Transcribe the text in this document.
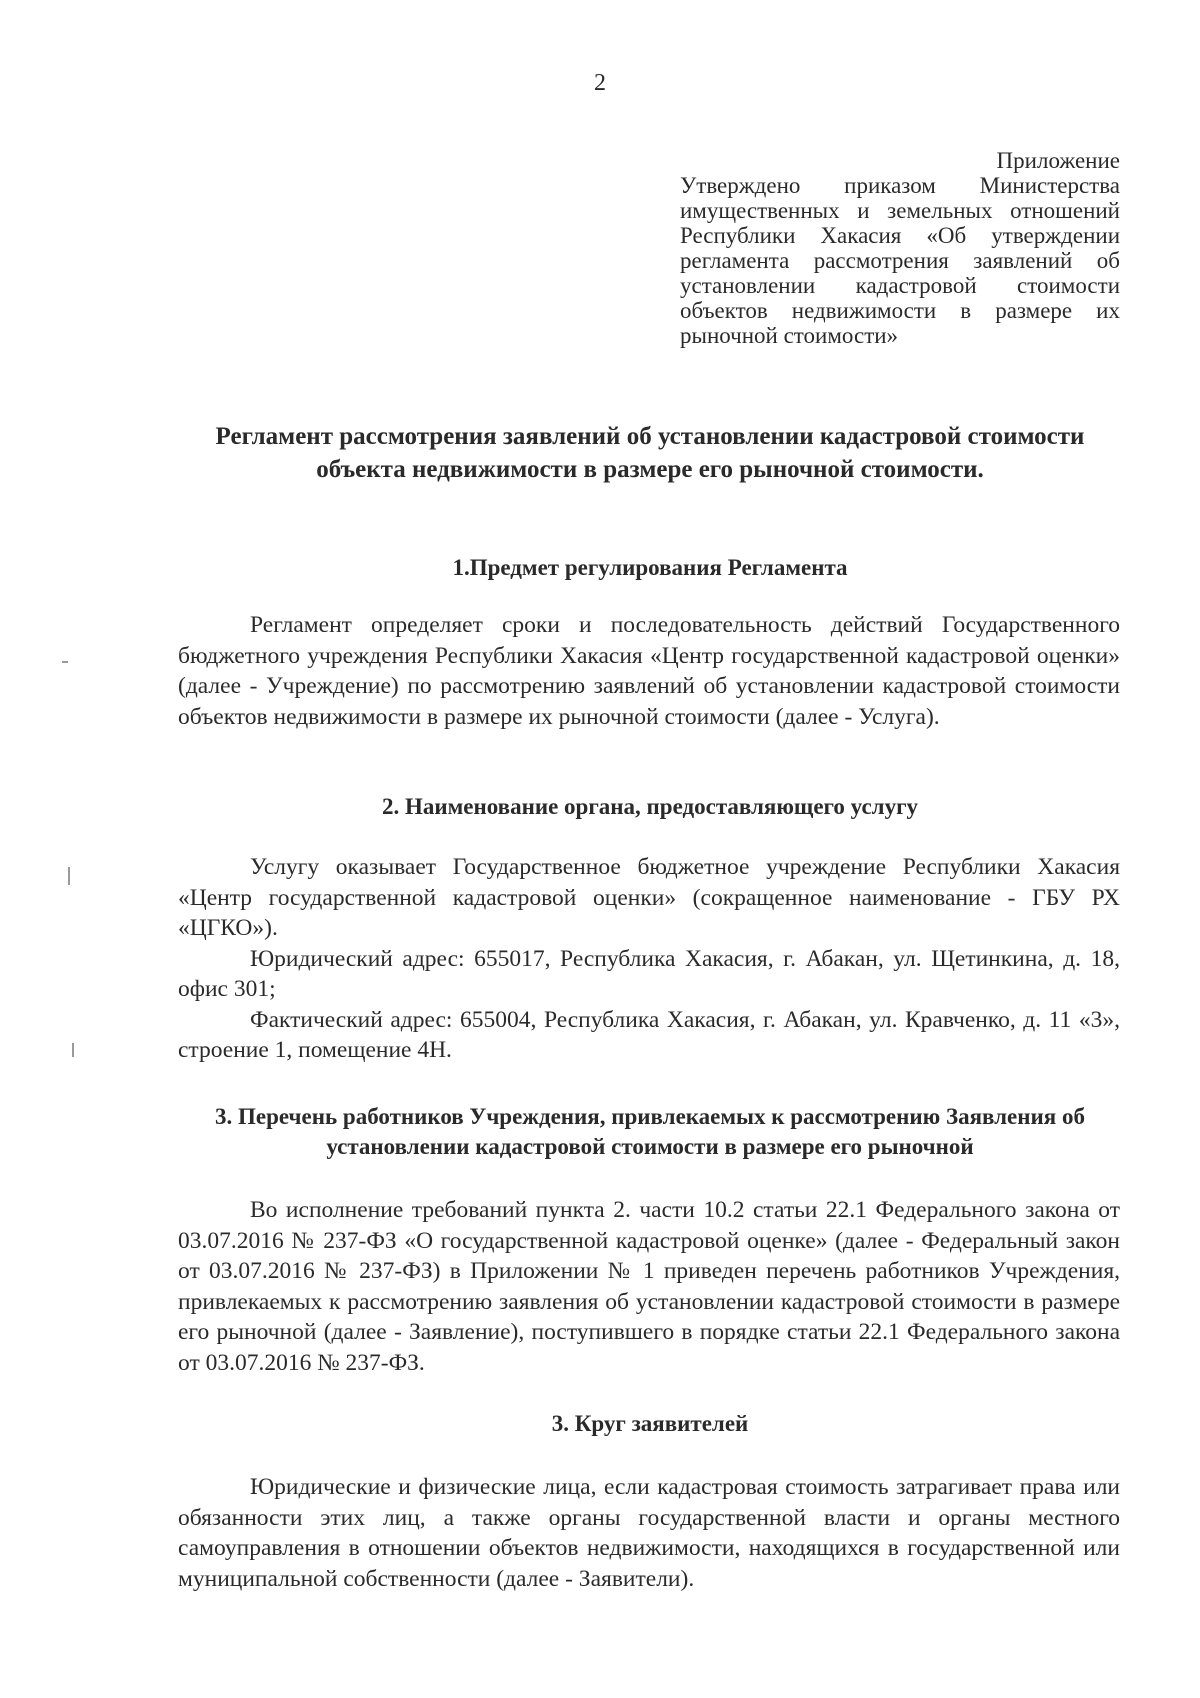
2
Приложение
Утверждено приказом Министерства имущественных и земельных отношений Республики Хакасия «Об утверждении регламента рассмотрения заявлений об установлении кадастровой стоимости объектов недвижимости в размере их рыночной стоимости»
Регламент рассмотрения заявлений об установлении кадастровой стоимости объекта недвижимости в размере его рыночной стоимости.
1.Предмет регулирования Регламента

Регламент определяет сроки и последовательность действий Государственного бюджетного учреждения Республики Хакасия «Центр государственной кадастровой оценки» (далее - Учреждение) по рассмотрению заявлений об установлении кадастровой стоимости объектов недвижимости в размере их рыночной стоимости (далее - Услуга).

2. Наименование органа, предоставляющего услугу

Услугу оказывает Государственное бюджетное учреждение Республики Хакасия «Центр государственной кадастровой оценки» (сокращенное наименование - ГБУ РХ «ЦГКО»).

Юридический адрес: 655017, Республика Хакасия, г. Абакан, ул. Щетинкина, д. 18, офис 301;

Фактический адрес: 655004, Республика Хакасия, г. Абакан, ул. Кравченко, д. 11 «3», строение 1, помещение 4Н.

3. Перечень работников Учреждения, привлекаемых к рассмотрению Заявления об установлении кадастровой стоимости в размере его рыночной

Во исполнение требований пункта 2. части 10.2 статьи 22.1 Федерального закона от 03.07.2016 № 237-ФЗ «О государственной кадастровой оценке» (далее - Федеральный закон от 03.07.2016 № 237-ФЗ) в Приложении № 1 приведен перечень работников Учреждения, привлекаемых к рассмотрению заявления об установлении кадастровой стоимости в размере его рыночной (далее - Заявление), поступившего в порядке статьи 22.1 Федерального закона от 03.07.2016 № 237-ФЗ.

3. Круг заявителей

Юридические и физические лица, если кадастровая стоимость затрагивает права или обязанности этих лиц, а также органы государственной власти и органы местного самоуправления в отношении объектов недвижимости, находящихся в государственной или муниципальной собственности (далее - Заявители).
